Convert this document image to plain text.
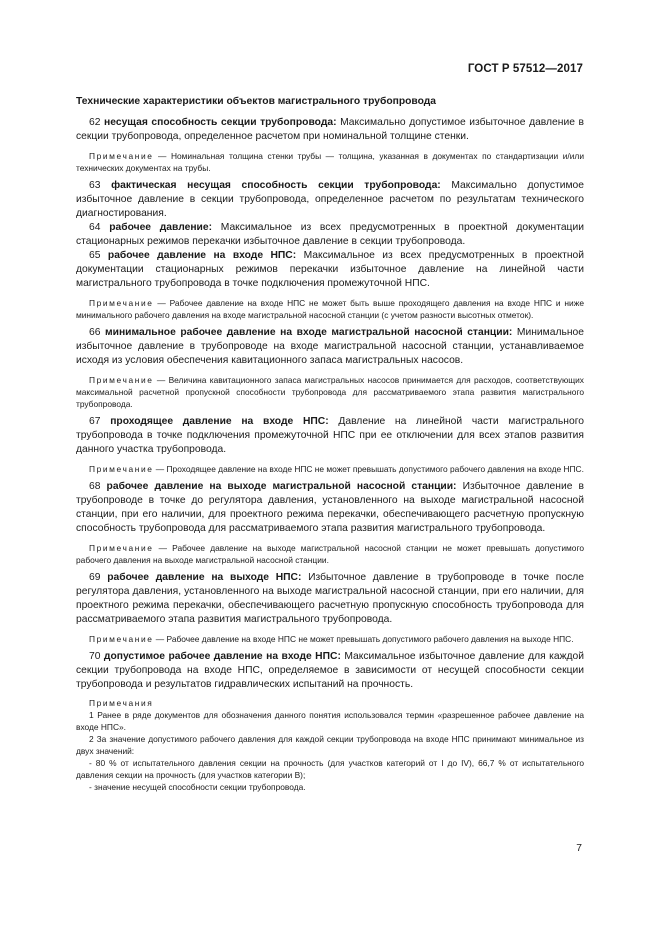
ГОСТ Р 57512—2017

Технические характеристики объектов магистрального трубопровода

62 несущая способность секции трубопровода: Максимально допустимое избыточное давление в секции трубопровода, определенное расчетом при номинальной толщине стенки.

Примечание — Номинальная толщина стенки трубы — толщина, указанная в документах по стандартизации и/или технических документах на трубы.

63 фактическая несущая способность секции трубопровода: Максимально допустимое избыточное давление в секции трубопровода, определенное расчетом по результатам технического диагностирования.

64 рабочее давление: Максимальное из всех предусмотренных в проектной документации стационарных режимов перекачки избыточное давление в секции трубопровода.

65 рабочее давление на входе НПС: Максимальное из всех предусмотренных в проектной документации стационарных режимов перекачки избыточное давление на линейной части магистрального трубопровода в точке подключения промежуточной НПС.

Примечание — Рабочее давление на входе НПС не может быть выше проходящего давления на входе НПС и ниже минимального рабочего давления на входе магистральной насосной станции (с учетом разности высотных отметок).

66 минимальное рабочее давление на входе магистральной насосной станции: Минимальное избыточное давление в трубопроводе на входе магистральной насосной станции, устанавливаемое исходя из условия обеспечения кавитационного запаса магистральных насосов.

Примечание — Величина кавитационного запаса магистральных насосов принимается для расходов, соответствующих максимальной расчетной пропускной способности трубопровода для рассматриваемого этапа развития магистрального трубопровода.

67 проходящее давление на входе НПС: Давление на линейной части магистрального трубопровода в точке подключения промежуточной НПС при ее отключении для всех этапов развития данного участка трубопровода.

Примечание — Проходящее давление на входе НПС не может превышать допустимого рабочего давления на входе НПС.

68 рабочее давление на выходе магистральной насосной станции: Избыточное давление в трубопроводе в точке до регулятора давления, установленного на выходе магистральной насосной станции, при его наличии, для проектного режима перекачки, обеспечивающего расчетную пропускную способность трубопровода для рассматриваемого этапа развития магистрального трубопровода.

Примечание — Рабочее давление на выходе магистральной насосной станции не может превышать допустимого рабочего давления на выходе магистральной насосной станции.

69 рабочее давление на выходе НПС: Избыточное давление в трубопроводе в точке после регулятора давления, установленного на выходе магистральной насосной станции, при его наличии, для проектного режима перекачки, обеспечивающего расчетную пропускную способность трубопровода для рассматриваемого этапа развития магистрального трубопровода.

Примечание — Рабочее давление на входе НПС не может превышать допустимого рабочего давления на выходе НПС.

70 допустимое рабочее давление на входе НПС: Максимальное избыточное давление для каждой секции трубопровода на входе НПС, определяемое в зависимости от несущей способности секции трубопровода и результатов гидравлических испытаний на прочность.

Примечания

1 Ранее в ряде документов для обозначения данного понятия использовался термин «разрешенное рабочее давление на входе НПС».

2 За значение допустимого рабочего давления для каждой секции трубопровода на входе НПС принимают минимальное из двух значений:

- 80 % от испытательного давления секции на прочность (для участков категорий от I до IV), 66,7 % от испытательного давления секции на прочность (для участков категории В);

- значение несущей способности секции трубопровода.

7
